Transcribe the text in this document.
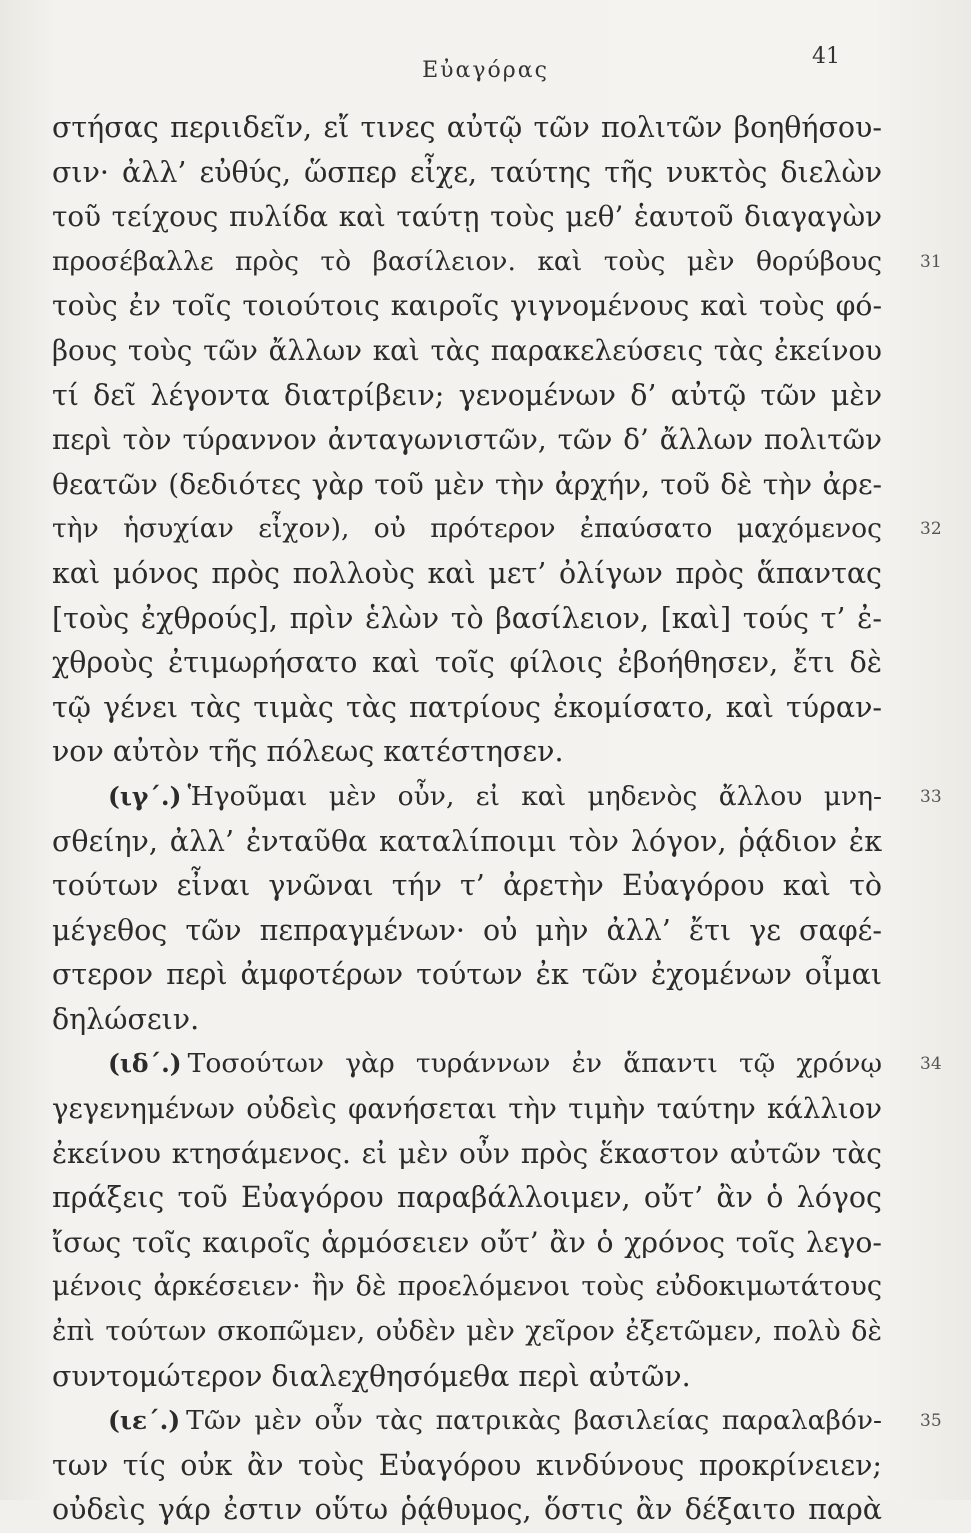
Εὐαγόρας
41
στήσας περιιδεῖν, εἴ τινες αὐτῷ τῶν πολιτῶν βοηθήσου-
σιν· ἀλλ’ εὐθύς, ὥσπερ εἶχε, ταύτης τῆς νυκτὸς διελὼν
τοῦ τείχους πυλίδα καὶ ταύτῃ τοὺς μεθ’ ἑαυτοῦ διαγαγὼν
προσέβαλλε πρὸς τὸ βασίλειον. καὶ τοὺς μὲν θορύβους 31
τοὺς ἐν τοῖς τοιούτοις καιροῖς γιγνομένους καὶ τοὺς φό-
βους τοὺς τῶν ἄλλων καὶ τὰς παρακελεύσεις τὰς ἐκείνου
τί δεῖ λέγοντα διατρίβειν; γενομένων δ’ αὐτῷ τῶν μὲν
περὶ τὸν τύραννον ἀνταγωνιστῶν, τῶν δ’ ἄλλων πολιτῶν
θεατῶν (δεδιότες γὰρ τοῦ μὲν τὴν ἀρχήν, τοῦ δὲ τὴν ἀρε-
τὴν ἡσυχίαν εἶχον), οὐ πρότερον ἐπαύσατο μαχόμενος 32
καὶ μόνος πρὸς πολλοὺς καὶ μετ’ ὀλίγων πρὸς ἅπαντας
[τοὺς ἐχθρούς], πρὶν ἑλὼν τὸ βασίλειον, [καὶ] τούς τ’ ἐ-
χθροὺς ἐτιμωρήσατο καὶ τοῖς φίλοις ἐβοήθησεν, ἔτι δὲ
τῷ γένει τὰς τιμὰς τὰς πατρίους ἐκομίσατο, καὶ τύραν-
νον αὐτὸν τῆς πόλεως κατέστησεν.
(ιγ΄.) Ἡγοῦμαι μὲν οὖν, εἰ καὶ μηδενὸς ἄλλου μνη- 33
σθείην, ἀλλ’ ἐνταῦθα καταλίποιμι τὸν λόγον, ῥᾴδιον ἐκ
τούτων εἶναι γνῶναι τήν τ’ ἀρετὴν Εὐαγόρου καὶ τὸ
μέγεθος τῶν πεπραγμένων· οὐ μὴν ἀλλ’ ἔτι γε σαφέ-
στερον περὶ ἀμφοτέρων τούτων ἐκ τῶν ἐχομένων οἶμαι
δηλώσειν.
(ιδ΄.) Τοσούτων γὰρ τυράννων ἐν ἅπαντι τῷ χρόνῳ 34
γεγενημένων οὐδεὶς φανήσεται τὴν τιμὴν ταύτην κάλλιον
ἐκείνου κτησάμενος. εἰ μὲν οὖν πρὸς ἕκαστον αὐτῶν τὰς
πράξεις τοῦ Εὐαγόρου παραβάλλοιμεν, οὔτ’ ἂν ὁ λόγος
ἴσως τοῖς καιροῖς ἁρμόσειεν οὔτ’ ἂν ὁ χρόνος τοῖς λεγο-
μένοις ἀρκέσειεν· ἢν δὲ προελόμενοι τοὺς εὐδοκιμωτάτους
ἐπὶ τούτων σκοπῶμεν, οὐδὲν μὲν χεῖρον ἐξετῶμεν, πολὺ δὲ
συντομώτερον διαλεχθησόμεθα περὶ αὐτῶν.
(ιε΄.) Τῶν μὲν οὖν τὰς πατρικὰς βασιλείας παραλαβόν- 35
των τίς οὐκ ἂν τοὺς Εὐαγόρου κινδύνους προκρίνειεν;
οὐδεὶς γάρ ἐστιν οὕτω ῥᾴθυμος, ὅστις ἂν δέξαιτο παρὰ
